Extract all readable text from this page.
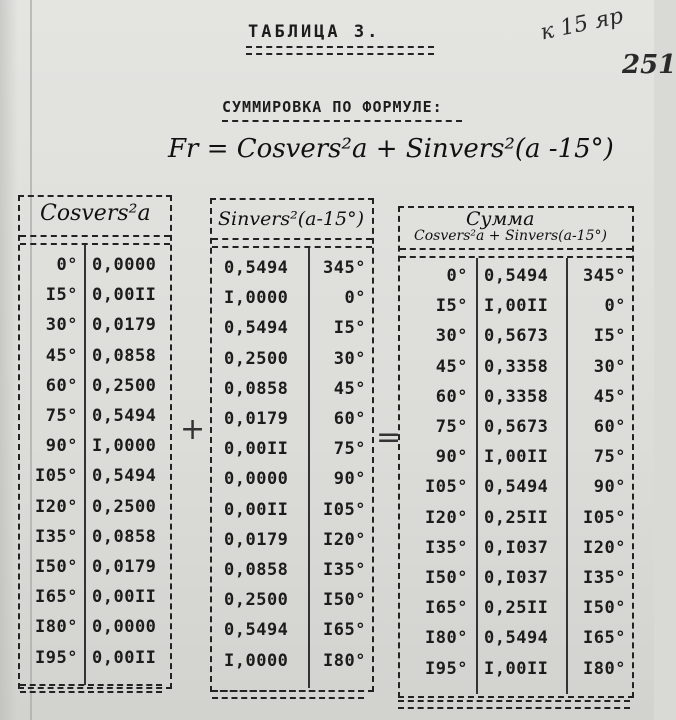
ТАБЛИЦА 3.	к 15 яр
251
СУММИРОВКА ПО ФОРМУЛЕ:
Fr = Cosvers²a + Sinvers²(a -15°)
Cosvers²a
0° 0,0000
I5° 0,00II
30° 0,0179
45° 0,0858
60° 0,2500
75° 0,5494
90° I,0000
I05° 0,5494
I20° 0,2500
I35° 0,0858
I50° 0,0179
I65° 0,00II
I80° 0,0000
I95° 0,00II
+
Sinvers²(a-15°)
0,5494 345°
I,0000	0°
0,5494	I5°
0,2500	30°
0,0858	45°
0,0179	60°
0,00II	75°
0,0000	90°
0,00II I05°
0,0179 I20°
0,0858 I35°
0,2500 I50°
0,5494 I65°
I,0000 I80°
=
Сумма
Cosvers²a + Sinvers(a-15°)
0° 0,5494 345°
I5° I,00II	0°
30° 0,5673	I5°
45° 0,3358	30°
60° 0,3358	45°
75° 0,5673	60°
90° I,00II	75°
I05° 0,5494	90°
I20° 0,25II I05°
I35° 0,I037 I20°
I50° 0,I037 I35°
I65° 0,25II I50°
I80° 0,5494 I65°
I95° I,00II I80°
